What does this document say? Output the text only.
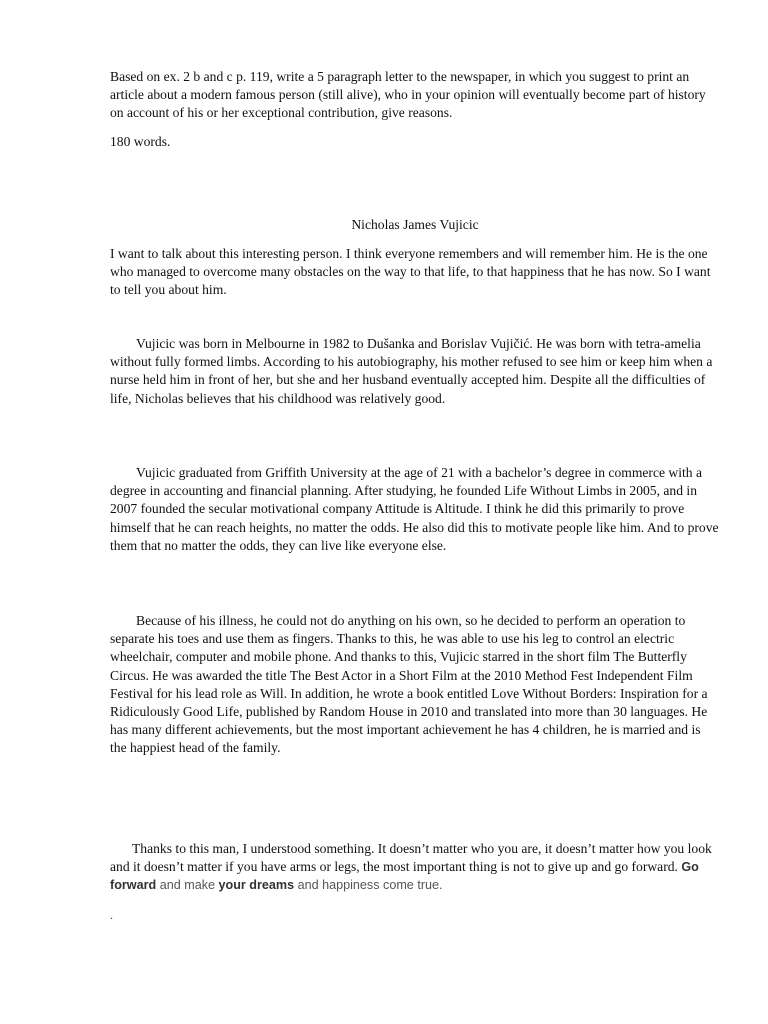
Based on ex. 2 b and c p. 119, write a 5 paragraph letter to the newspaper, in which you suggest to print an article about a modern famous person (still alive), who in your opinion will eventually become part of history on account of his or her exceptional contribution, give reasons.

180 words.

Nicholas James Vujicic

I want to talk about this interesting person. I think everyone remembers and will remember him. He is the one who managed to overcome many obstacles on the way to that life, to that happiness that he has now. So I want to tell you about him.

Vujicic was born in Melbourne in 1982 to Dušanka and Borislav Vujičić. He was born with tetra-amelia without fully formed limbs. According to his autobiography, his mother refused to see him or keep him when a nurse held him in front of her, but she and her husband eventually accepted him. Despite all the difficulties of life, Nicholas believes that his childhood was relatively good.

Vujicic graduated from Griffith University at the age of 21 with a bachelor’s degree in commerce with a degree in accounting and financial planning. After studying, he founded Life Without Limbs in 2005, and in 2007 founded the secular motivational company Attitude is Altitude. I think he did this primarily to prove himself that he can reach heights, no matter the odds. He also did this to motivate people like him. And to prove them that no matter the odds, they can live like everyone else.

Because of his illness, he could not do anything on his own, so he decided to perform an operation to separate his toes and use them as fingers. Thanks to this, he was able to use his leg to control an electric wheelchair, computer and mobile phone. And thanks to this, Vujicic starred in the short film The Butterfly Circus. He was awarded the title The Best Actor in a Short Film at the 2010 Method Fest Independent Film Festival for his lead role as Will. In addition, he wrote a book entitled Love Without Borders: Inspiration for a Ridiculously Good Life, published by Random House in 2010 and translated into more than 30 languages. He has many different achievements, but the most important achievement he has 4 children, he is married and is the happiest head of the family.

Thanks to this man, I understood something. It doesn’t matter who you are, it doesn’t matter how you look and it doesn’t matter if you have arms or legs, the most important thing is not to give up and go forward. Go forward and make your dreams and happiness come true.

.
